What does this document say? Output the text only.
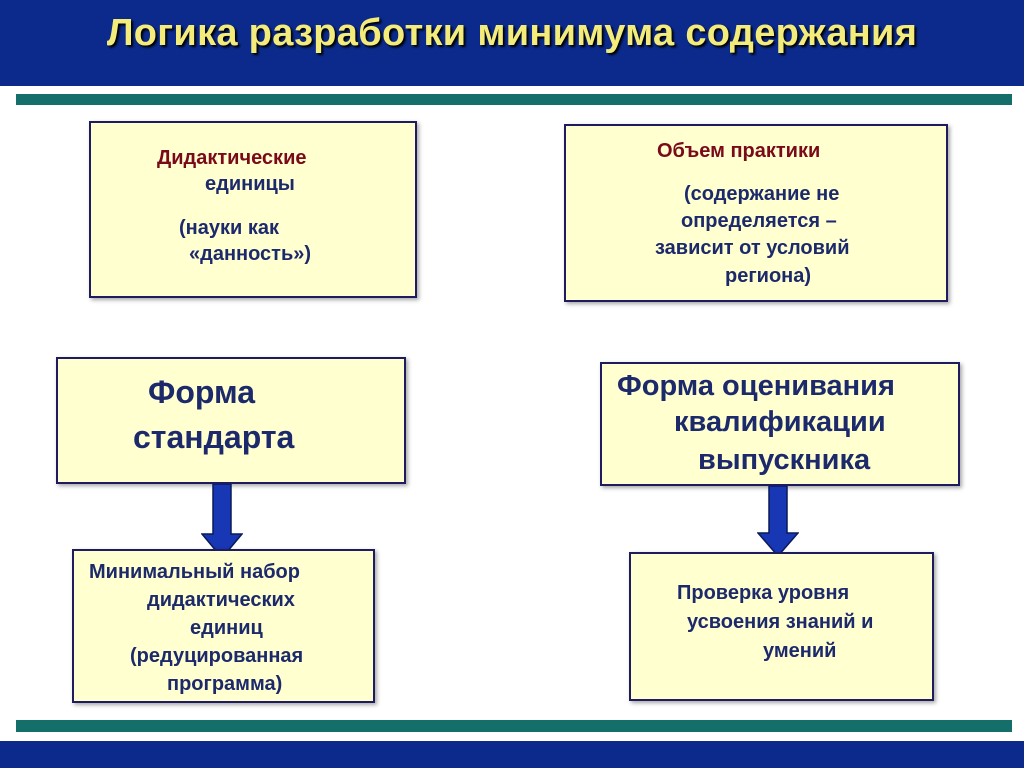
Логика разработки минимума содержания
Дидактические
единицы
(науки как
«данность»)
Объем практики
(содержание не
определяется –
зависит от условий
региона)
Форма
стандарта
Форма оценивания
квалификации
выпускника
Минимальный набор
дидактических
единиц
(редуцированная
программа)
Проверка уровня
усвоения знаний и
умений
